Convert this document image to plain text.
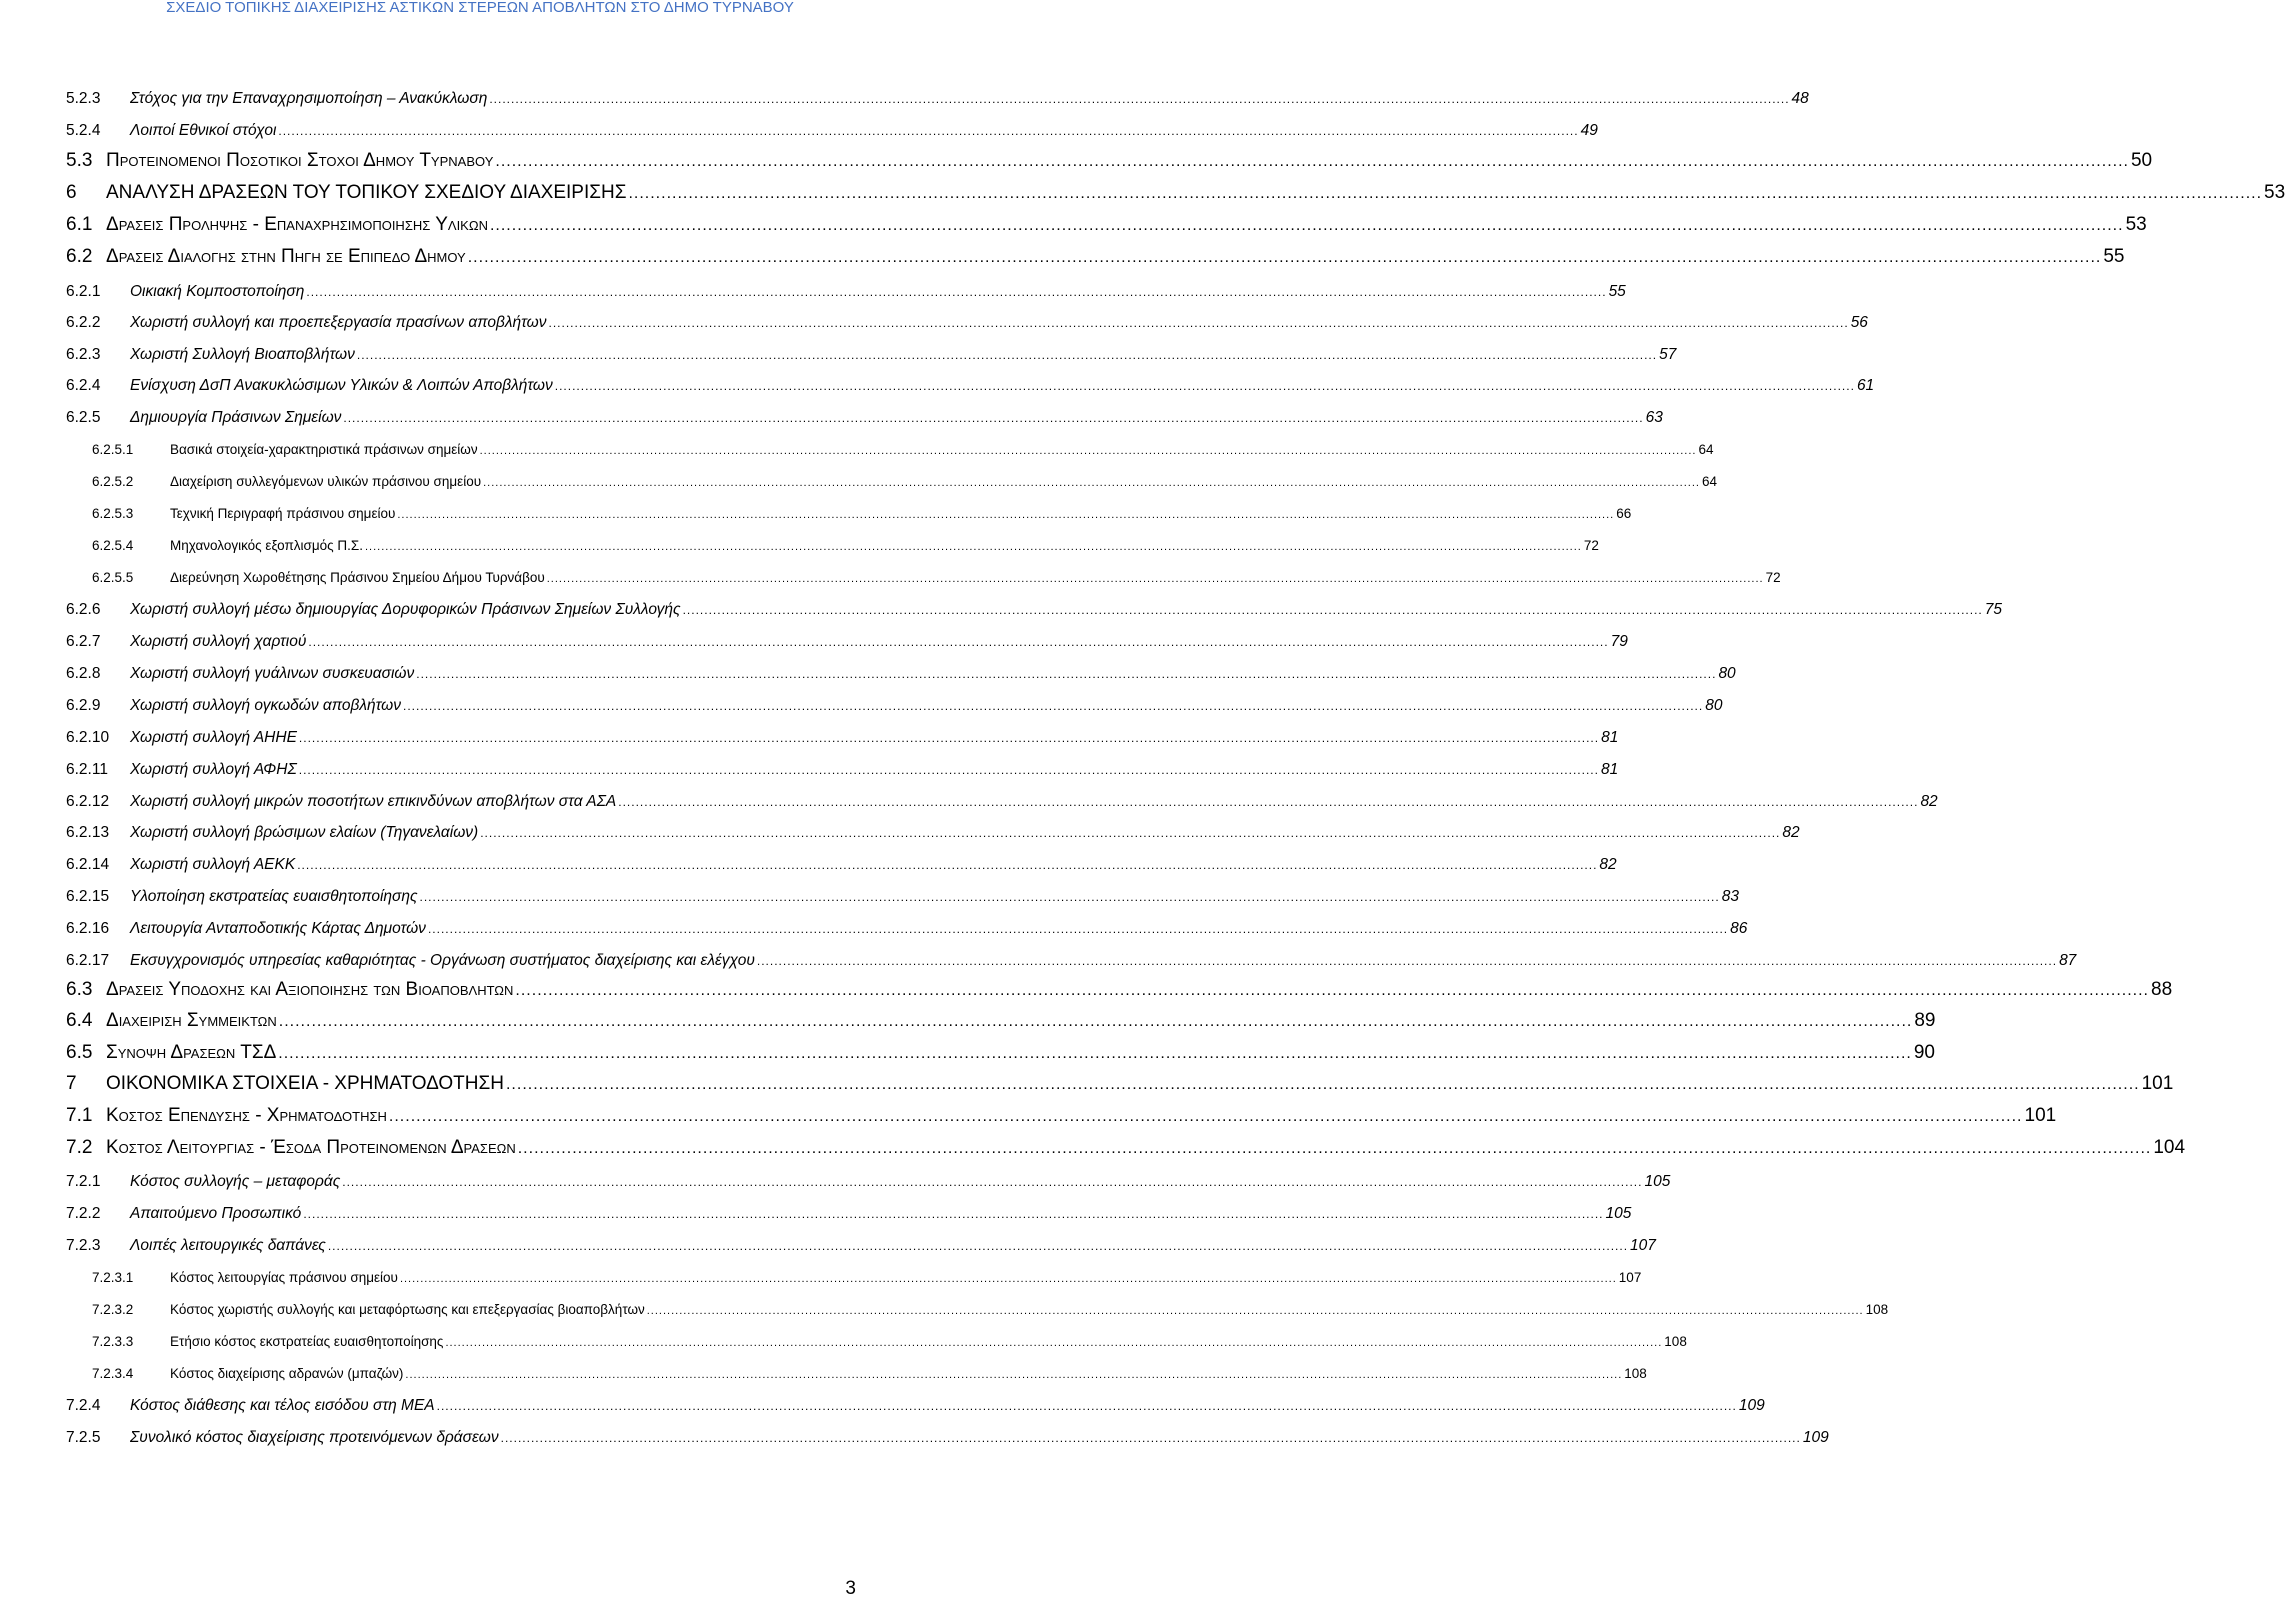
ΣΧΕΔΙΟ ΤΟΠΙΚΗΣ ΔΙΑΧΕΙΡΙΣΗΣ ΑΣΤΙΚΩΝ ΣΤΕΡΕΩΝ ΑΠΟΒΛΗΤΩΝ ΣΤΟ ΔΗΜΟ ΤΥΡΝΑΒΟΥ
5.2.3	Στόχος για την Επαναχρησιμοποίηση – Ανακύκλωση .....	48
5.2.4	Λοιποί Εθνικοί στόχοι .....	49
5.3 Προτεινομενοι Ποσοτικοι Στοχοι Δημου Τυρναβου .....	50
6	ΑΝΑΛΥΣΗ ΔΡΑΣΕΩΝ ΤΟΥ ΤΟΠΙΚΟΥ ΣΧΕΔΙΟΥ ΔΙΑΧΕΙΡΙΣΗΣ .....	53
6.1 Δρασεις Προληψης - Επαναχρησιμοποιησης Υλικων .....	53
6.2 Δρασεις Διαλογης στην Πηγη σε Επιπεδο Δημου .....	55
6.2.1	Οικιακή Κομποστοποίηση .....	55
6.2.2	Χωριστή συλλογή και προεπεξεργασία πρασίνων αποβλήτων .....	56
6.2.3	Χωριστή Συλλογή Βιοαποβλήτων .....	57
6.2.4	Ενίσχυση ΔσΠ Ανακυκλώσιμων Υλικών & Λοιπών Αποβλήτων .....	61
6.2.5	Δημιουργία Πράσινων Σημείων .....	63
6.2.5.1	Βασικά στοιχεία-χαρακτηριστικά πράσινων σημείων .....	64
6.2.5.2	Διαχείριση συλλεγόμενων υλικών πράσινου σημείου .....	64
6.2.5.3	Τεχνική Περιγραφή πράσινου σημείου .....	66
6.2.5.4	Μηχανολογικός εξοπλισμός Π.Σ. .....	72
6.2.5.5	Διερεύνηση Χωροθέτησης Πράσινου Σημείου Δήμου Τυρνάβου .....	72
6.2.6	Χωριστή συλλογή μέσω δημιουργίας Δορυφορικών Πράσινων Σημείων Συλλογής .....	75
6.2.7	Χωριστή συλλογή χαρτιού .....	79
6.2.8	Χωριστή συλλογή γυάλινων συσκευασιών .....	80
6.2.9	Χωριστή συλλογή ογκωδών αποβλήτων .....	80
6.2.10	Χωριστή συλλογή ΑΗΗΕ .....	81
6.2.11	Χωριστή συλλογή ΑΦΗΣ .....	81
6.2.12	Χωριστή συλλογή μικρών ποσοτήτων επικινδύνων αποβλήτων στα ΑΣΑ .....	82
6.2.13	Χωριστή συλλογή βρώσιμων ελαίων (Τηγανελαίων) .....	82
6.2.14	Χωριστή συλλογή ΑΕΚΚ .....	82
6.2.15	Υλοποίηση εκστρατείας ευαισθητοποίησης .....	83
6.2.16	Λειτουργία Ανταποδοτικής Κάρτας Δημοτών .....	86
6.2.17	Εκσυγχρονισμός υπηρεσίας καθαριότητας - Οργάνωση συστήματος διαχείρισης και ελέγχου .....	87
6.3 Δρασεις Υποδοχης και Αξιοποιησης των Βιοαποβλητων .....	88
6.4 Διαχειριση Συμμεικτων .....	89
6.5 Συνοψη Δρασεων ΤΣΔ .....	90
7	ΟΙΚΟΝΟΜΙΚΑ ΣΤΟΙΧΕΙΑ - ΧΡΗΜΑΤΟΔΟΤΗΣΗ .....	101
7.1 Κοστος Επενδυσης - Χρηματοδοτηση .....	101
7.2 Κοστος Λειτουργιας - Έσοδα Προτεινομενων Δρασεων .....	104
7.2.1	Κόστος συλλογής – μεταφοράς .....	105
7.2.2	Απαιτούμενο Προσωπικό .....	105
7.2.3	Λοιπές λειτουργικές δαπάνες .....	107
7.2.3.1	Κόστος λειτουργίας πράσινου σημείου .....	107
7.2.3.2	Κόστος χωριστής συλλογής και μεταφόρτωσης και επεξεργασίας βιοαποβλήτων .....	108
7.2.3.3	Ετήσιο κόστος εκστρατείας ευαισθητοποίησης .....	108
7.2.3.4	Κόστος διαχείρισης αδρανών (μπαζών) .....	108
7.2.4	Κόστος διάθεσης και τέλος εισόδου στη ΜΕΑ .....	109
7.2.5	Συνολικό κόστος διαχείρισης προτεινόμενων δράσεων .....	109
3
